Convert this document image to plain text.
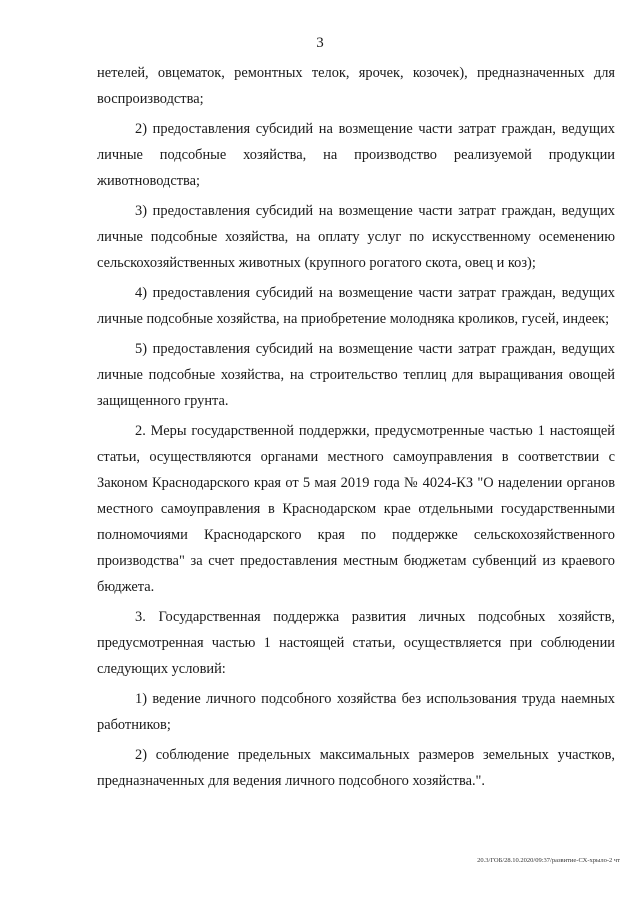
3

нетелей, овцематок, ремонтных телок, ярочек, козочек), предназначенных для воспроизводства;

2) предоставления субсидий на возмещение части затрат граждан, ведущих личные подсобные хозяйства, на производство реализуемой продукции животноводства;

3) предоставления субсидий на возмещение части затрат граждан, ведущих личные подсобные хозяйства, на оплату услуг по искусственному осеменению сельскохозяйственных животных (крупного рогатого скота, овец и коз);

4) предоставления субсидий на возмещение части затрат граждан, ведущих личные подсобные хозяйства, на приобретение молодняка кроликов, гусей, индеек;

5) предоставления субсидий на возмещение части затрат граждан, ведущих личные подсобные хозяйства, на строительство теплиц для выращивания овощей защищенного грунта.

2. Меры государственной поддержки, предусмотренные частью 1 настоящей статьи, осуществляются органами местного самоуправления в соответствии с Законом Краснодарского края от 5 мая 2019 года № 4024-КЗ "О наделении органов местного самоуправления в Краснодарском крае отдельными государственными полномочиями Краснодарского края по поддержке сельскохозяйственного производства" за счет предоставления местным бюджетам субвенций из краевого бюджета.

3. Государственная поддержка развития личных подсобных хозяйств, предусмотренная частью 1 настоящей статьи, осуществляется при соблюдении следующих условий:

1) ведение личного подсобного хозяйства без использования труда наемных работников;

2) соблюдение предельных максимальных размеров земельных участков, предназначенных для ведения личного подсобного хозяйства.".

20.3/ГОБ/28.10.2020/09:37/развитие-СХ-хрыло-2 чт
